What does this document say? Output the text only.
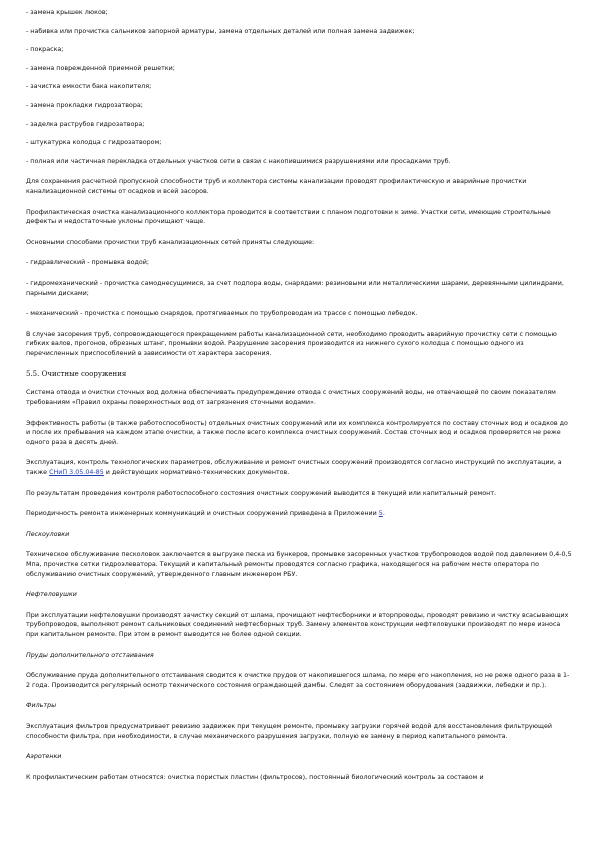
- замена крышек люков;
- набивка или прочистка сальников запорной арматуры, замена отдельных деталей или полная замена задвижек;
- покраска;
- замена поврежденной приемной решетки;
- зачистка емкости бака накопителя;
- замена прокладки гидрозатвора;
- заделка раструбов гидрозатвора;
- штукатурка колодца с гидрозатвором;
- полная или частичная перекладка отдельных участков сети в связи с накопившимися разрушениями или просадками труб.
Для сохранения расчетной пропускной способности труб и коллектора системы канализации проводят профилактическую и аварийные прочистки канализационной системы от осадков и всей засоров.
Профилактическая очистка канализационного коллектора проводится в соответствии с планом подготовки к зиме. Участки сети, имеющие строительные дефекты и недостаточные уклоны прочищают чаще.
Основными способами прочистки труб канализационных сетей приняты следующие:
- гидравлический - промывка водой;
- гидромеханический - прочистка самоднесущимися, за счет подпора воды, снарядами: резиновыми или металлическими шарами, деревянными цилиндрами, парными дисками;
- механический - прочистка с помощью снарядов, протягиваемых по трубопроводам из трассе с помощью лебедок.
В случае засорения труб, сопровождающегося прекращением работы канализационной сети, необходимо проводить аварийную прочистку сети с помощью гибких валов, прогонов, обрезных штанг, промывки водой. Разрушение засорения производится из нижнего сухого колодца с помощью одного из перечисленных приспособлений в зависимости от характера засорения.
5.5. Очистные сооружения
Система отвода и очистки сточных вод должна обеспечивать предупреждение отвода с очистных сооружений воды, не отвечающей по своим показателям требованиям «Правил охраны поверхностных вод от загрязнения сточными водами».
Эффективность работы (в также работоспособность) отдельных очистных сооружений или их комплекса контролируется по составу сточных вод и осадков до и после их пребывания на каждом этапе очистки, а также после всего комплекса очистных сооружений. Состав сточных вод и осадков проверяется не реже одного раза в десять дней.
Эксплуатация, контроль технологических параметров, обслуживание и ремонт очистных сооружений производятся согласно инструкций по эксплуатации, а также СНиП 3.05.04-85 и действующих нормативно-технических документов.
По результатам проведения контроля работоспособного состояния очистных сооружений выводится в текущий или капитальный ремонт.
Периодичность ремонта инженерных коммуникаций и очистных сооружений приведена в Приложении 5.
Пескоуловки
Техническое обслуживание песколовок заключается в выгрузке песка из бункеров, промывке засоренных участков трубопроводов водой под давлением 0,4-0,5 Мпа, прочистке сетки гидроэлеватора. Текущий и капитальный ремонты проводятся согласно графика, находящегося на рабочем месте оператора по обслуживанию очистных сооружений, утвержденного главным инженером РБУ.
Нефтеловушки
При эксплуатации нефтеловушки производят зачистку секций от шлама, прочищают нефтесборники и вторпроводы, проводят ревизию и чистку всасывающих трубопроводов, выполняют ремонт сальниковых соединений нефтесборных труб. Замену элементов конструкции нефтеловушки производят по мере износа при капитальном ремонте. При этом в ремонт выводится не более одной секции.
Пруды дополнительного отстаивания
Обслуживание пруда дополнительного отстаивания сводится к очистке прудов от накопившегося шлама, по мере его накопления, но не реже одного раза в 1-2 года. Производится регулярный осмотр технического состояния ограждающей дамбы. Следят за состоянием оборудования (задвижки, лебедки и пр.).
Фильтры
Эксплуатация фильтров предусматривает ревизию задвижек при текущем ремонте, промывку загрузки горячей водой для восстановления фильтрующей способности фильтра, при необходимости, в случае механического разрушения загрузки, полную ее замену в период капитального ремонта.
Аэротенки
К профилактическим работам относятся: очистка пористых пластин (фильтросов), постоянный биологический контроль за составом и
